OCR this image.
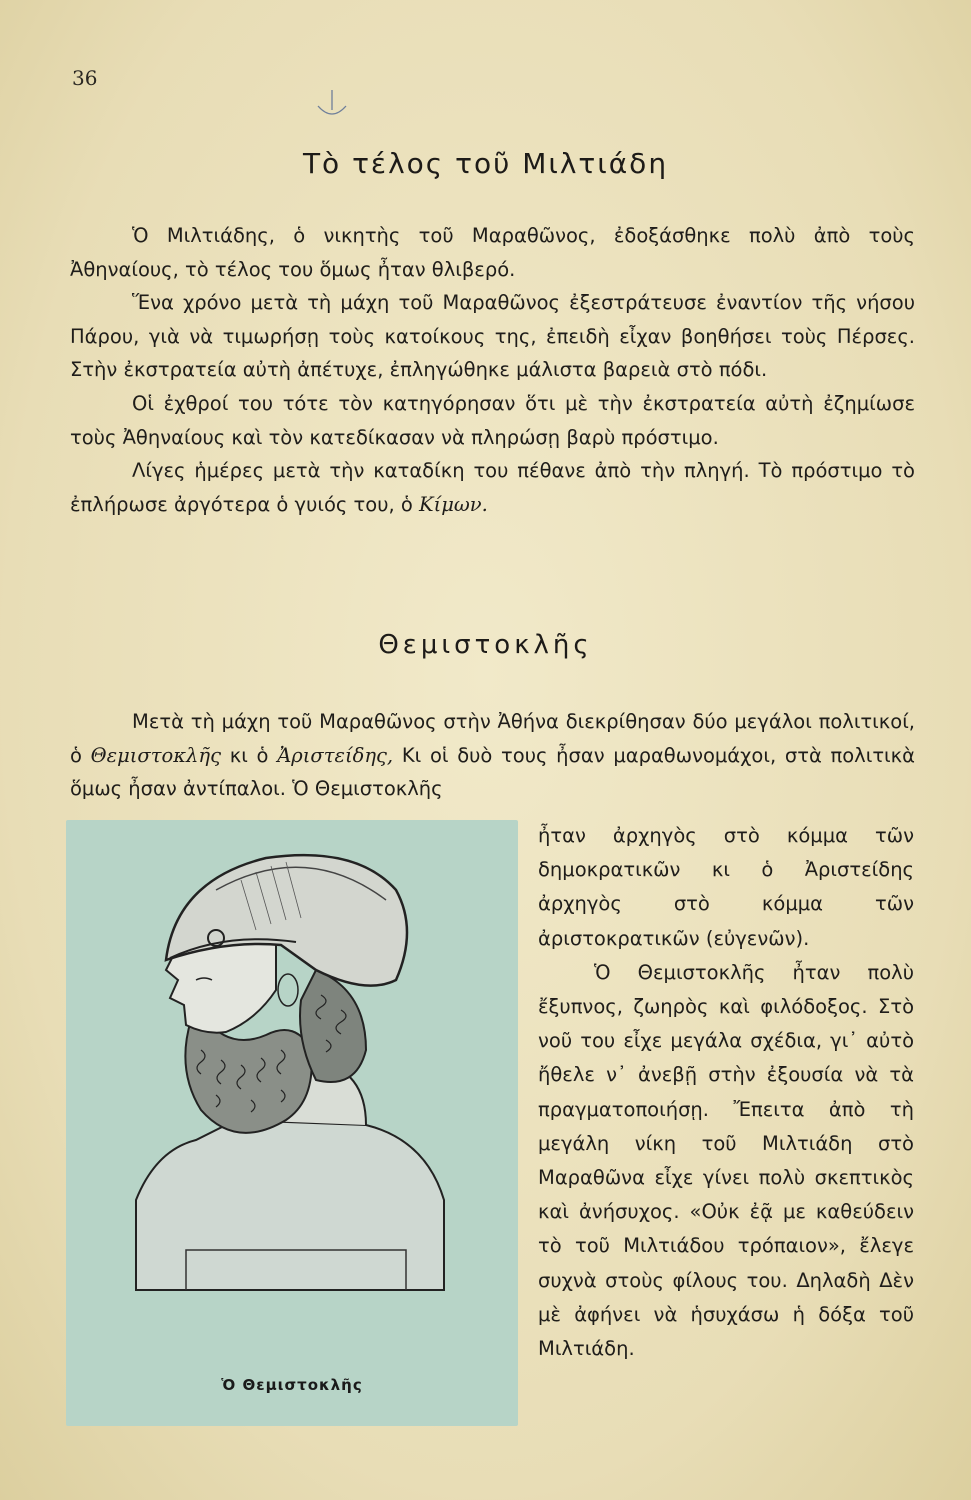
36
Τὸ τέλος τοῦ Μιλτιάδη

Ὁ Μιλτιάδης, ὁ νικητὴς τοῦ Μαραθῶνος, ἐδοξάσθηκε πολὺ ἀπὸ τοὺς Ἀθηναίους, τὸ τέλος του ὅμως ἦταν θλιβερό.

Ἕνα χρόνο μετὰ τὴ μάχη τοῦ Μαραθῶνος ἐξεστράτευσε ἐναντίον τῆς νήσου Πάρου, γιὰ νὰ τιμωρήσῃ τοὺς κατοίκους της, ἐπειδὴ εἶχαν βοηθήσει τοὺς Πέρσες. Στὴν ἐκστρατεία αὐτὴ ἀπέτυχε, ἐπληγώθηκε μάλιστα βαρειὰ στὸ πόδι.

Οἱ ἐχθροί του τότε τὸν κατηγόρησαν ὅτι μὲ τὴν ἐκστρατεία αὐτὴ ἐζημίωσε τοὺς Ἀθηναίους καὶ τὸν κατεδίκασαν νὰ πληρώσῃ βαρὺ πρόστιμο.

Λίγες ἡμέρες μετὰ τὴν καταδίκη του πέθανε ἀπὸ τὴν πληγή. Τὸ πρόστιμο τὸ ἐπλήρωσε ἀργότερα ὁ γυιός του, ὁ Κίμων.

Θεμιστοκλῆς

Μετὰ τὴ μάχη τοῦ Μαραθῶνος στὴν Ἀθήνα διεκρίθησαν δύο μεγάλοι πολιτικοί, ὁ Θεμιστοκλῆς κι ὁ Ἀριστείδης, Κι οἱ δυὸ τους ἦσαν μαραθωνομάχοι, στὰ πολιτικὰ ὅμως ἦσαν ἀντίπαλοι. Ὁ Θεμιστοκλῆς

Ὁ Θεμιστοκλῆς

ἦταν ἀρχηγὸς στὸ κόμμα τῶν δημοκρατικῶν κι ὁ Ἀριστείδης ἀρχηγὸς στὸ κόμμα τῶν ἀριστοκρατικῶν (εὐγενῶν).

Ὁ Θεμιστοκλῆς ἦταν πολὺ ἔξυπνος, ζωηρὸς καὶ φιλόδοξος. Στὸ νοῦ του εἶχε μεγάλα σχέδια, γι᾿ αὐτὸ ἤθελε ν᾿ ἀνεβῇ στὴν ἐξουσία νὰ τὰ πραγματοποιήσῃ. Ἔπειτα ἀπὸ τὴ μεγάλη νίκη τοῦ Μιλτιάδη στὸ Μαραθῶνα εἶχε γίνει πολὺ σκεπτικὸς καὶ ἀνήσυχος. «Οὐκ ἐᾷ με καθεύδειν τὸ τοῦ Μιλτιάδου τρόπαιον», ἔλεγε συχνὰ στοὺς φίλους του. Δηλαδὴ Δὲν μὲ ἀφήνει νὰ ἡσυχάσω ἡ δόξα τοῦ Μιλτιάδη.
